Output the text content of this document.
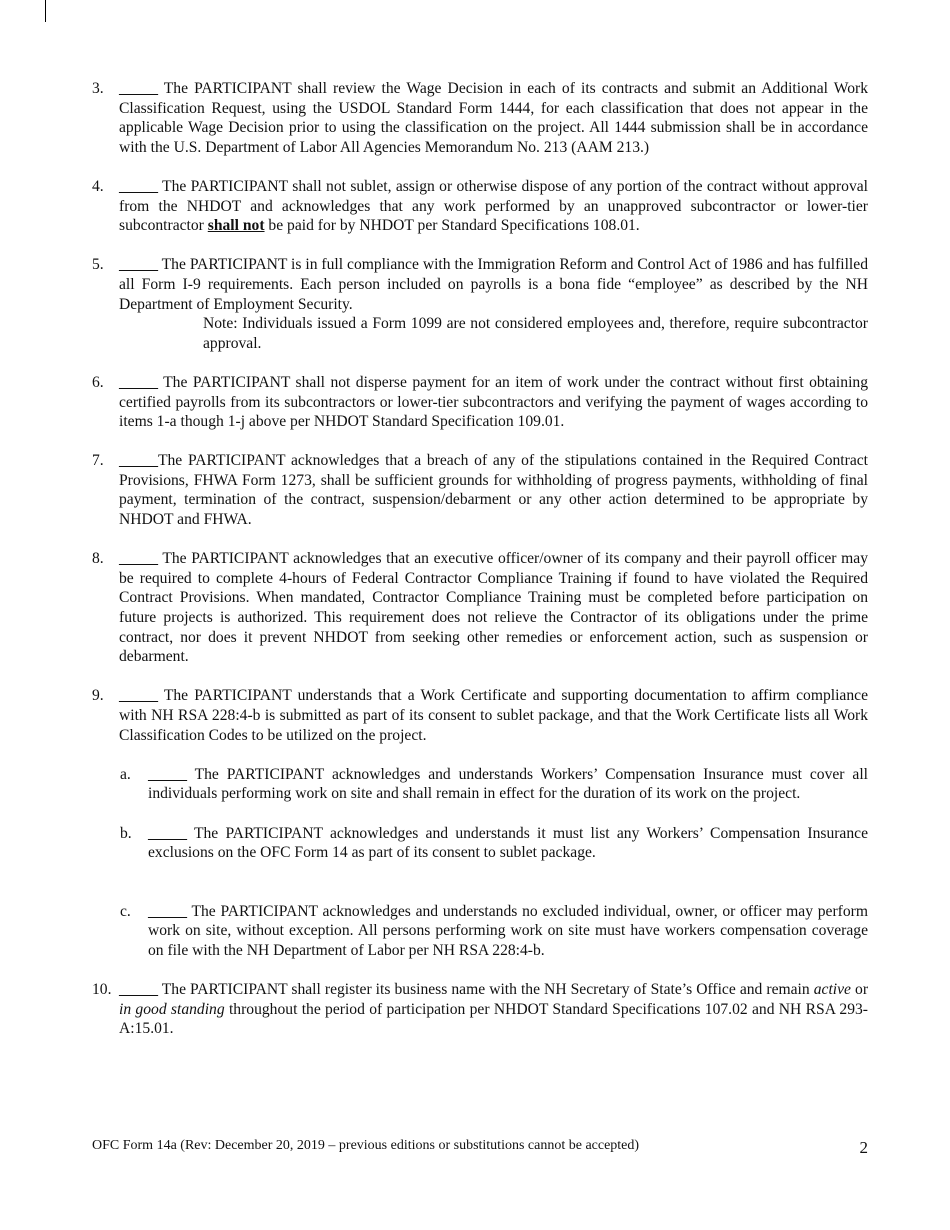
3. _____ The PARTICIPANT shall review the Wage Decision in each of its contracts and submit an Additional Work Classification Request, using the USDOL Standard Form 1444, for each classification that does not appear in the applicable Wage Decision prior to using the classification on the project. All 1444 submission shall be in accordance with the U.S. Department of Labor All Agencies Memorandum No. 213 (AAM 213.)
4. _____ The PARTICIPANT shall not sublet, assign or otherwise dispose of any portion of the contract without approval from the NHDOT and acknowledges that any work performed by an unapproved subcontractor or lower-tier subcontractor shall not be paid for by NHDOT per Standard Specifications 108.01.
5. _____ The PARTICIPANT is in full compliance with the Immigration Reform and Control Act of 1986 and has fulfilled all Form I-9 requirements. Each person included on payrolls is a bona fide “employee” as described by the NH Department of Employment Security.
Note: Individuals issued a Form 1099 are not considered employees and, therefore, require subcontractor approval.
6. _____ The PARTICIPANT shall not disperse payment for an item of work under the contract without first obtaining certified payrolls from its subcontractors or lower-tier subcontractors and verifying the payment of wages according to items 1-a though 1-j above per NHDOT Standard Specification 109.01.
7. _____The PARTICIPANT acknowledges that a breach of any of the stipulations contained in the Required Contract Provisions, FHWA Form 1273, shall be sufficient grounds for withholding of progress payments, withholding of final payment, termination of the contract, suspension/debarment or any other action determined to be appropriate by NHDOT and FHWA.
8. _____ The PARTICIPANT acknowledges that an executive officer/owner of its company and their payroll officer may be required to complete 4-hours of Federal Contractor Compliance Training if found to have violated the Required Contract Provisions. When mandated, Contractor Compliance Training must be completed before participation on future projects is authorized. This requirement does not relieve the Contractor of its obligations under the prime contract, nor does it prevent NHDOT from seeking other remedies or enforcement action, such as suspension or debarment.
9. _____ The PARTICIPANT understands that a Work Certificate and supporting documentation to affirm compliance with NH RSA 228:4-b is submitted as part of its consent to sublet package, and that the Work Certificate lists all Work Classification Codes to be utilized on the project.
a. _____ The PARTICIPANT acknowledges and understands Workers’ Compensation Insurance must cover all individuals performing work on site and shall remain in effect for the duration of its work on the project.
b. _____ The PARTICIPANT acknowledges and understands it must list any Workers’ Compensation Insurance exclusions on the OFC Form 14 as part of its consent to sublet package.
c. _____ The PARTICIPANT acknowledges and understands no excluded individual, owner, or officer may perform work on site, without exception. All persons performing work on site must have workers compensation coverage on file with the NH Department of Labor per NH RSA 228:4-b.
10. _____ The PARTICIPANT shall register its business name with the NH Secretary of State’s Office and remain active or in good standing throughout the period of participation per NHDOT Standard Specifications 107.02 and NH RSA 293-A:15.01.
OFC Form 14a (Rev: December 20, 2019 – previous editions or substitutions cannot be accepted)	2
